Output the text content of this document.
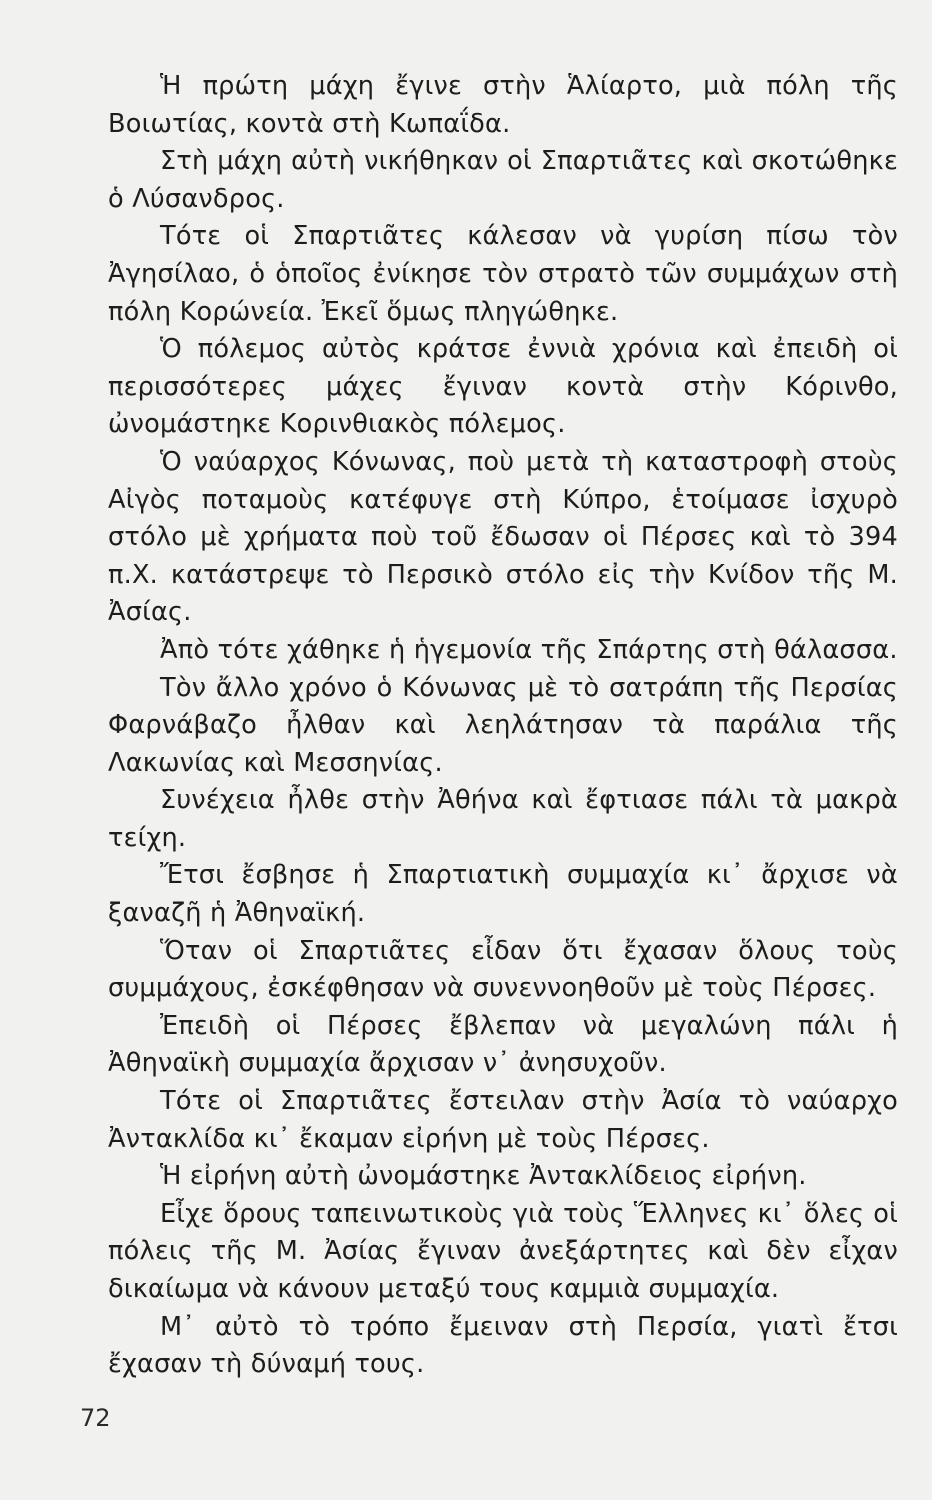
Ἡ πρώτη μάχη ἔγινε στὴν Ἁλίαρτο, μιὰ πόλη τῆς Βοιωτίας, κοντὰ στὴ Κωπαΐδα.

Στὴ μάχη αὐτὴ νικήθηκαν οἱ Σπαρτιᾶτες καὶ σκοτώθηκε ὁ Λύσανδρος.

Τότε οἱ Σπαρτιᾶτες κάλεσαν νὰ γυρίση πίσω τὸν Ἀγησίλαο, ὁ ὁποῖος ἐνίκησε τὸν στρατὸ τῶν συμμάχων στὴ πόλη Κορώνεία. Ἐκεῖ ὅμως πληγώθηκε.

Ὁ πόλεμος αὐτὸς κράτσε ἐννιὰ χρόνια καὶ ἐπειδὴ οἱ περισσότερες μάχες ἔγιναν κοντὰ στὴν Κόρινθο, ὠνομάστηκε Κορινθιακὸς πόλεμος.

Ὁ ναύαρχος Κόνωνας, ποὺ μετὰ τὴ καταστροφὴ στοὺς Αἰγὸς ποταμοὺς κατέφυγε στὴ Κύπρο, ἑτοίμασε ἰσχυρὸ στόλο μὲ χρήματα ποὺ τοῦ ἔδωσαν οἱ Πέρσες καὶ τὸ 394 π.Χ. κατάστρεψε τὸ Περσικὸ στόλο εἰς τὴν Κνίδον τῆς Μ. Ἀσίας.

Ἀπὸ τότε χάθηκε ἡ ἡγεμονία τῆς Σπάρτης στὴ θάλασσα.

Τὸν ἄλλο χρόνο ὁ Κόνωνας μὲ τὸ σατράπη τῆς Περσίας Φαρνάβαζο ἦλθαν καὶ λεηλάτησαν τὰ παράλια τῆς Λακωνίας καὶ Μεσσηνίας.

Συνέχεια ἦλθε στὴν Ἀθήνα καὶ ἔφτιασε πάλι τὰ μακρὰ τείχη.

Ἔτσι ἔσβησε ἡ Σπαρτιατικὴ συμμαχία κι᾿ ἄρχισε νὰ ξαναζῆ ἡ Ἀθηναϊκή.

Ὅταν οἱ Σπαρτιᾶτες εἶδαν ὅτι ἔχασαν ὅλους τοὺς συμμάχους, ἐσκέφθησαν νὰ συνεννοηθοῦν μὲ τοὺς Πέρσες.

Ἐπειδὴ οἱ Πέρσες ἔβλεπαν νὰ μεγαλώνη πάλι ἡ Ἀθηναϊκὴ συμμαχία ἄρχισαν ν᾿ ἀνησυχοῦν.

Τότε οἱ Σπαρτιᾶτες ἔστειλαν στὴν Ἀσία τὸ ναύαρχο Ἀντακλίδα κι᾿ ἔκαμαν εἰρήνη μὲ τοὺς Πέρσες.

Ἡ εἰρήνη αὐτὴ ὠνομάστηκε Ἀντακλίδειος εἰρήνη.

Εἶχε ὅρους ταπεινωτικοὺς γιὰ τοὺς Ἕλληνες κι᾿ ὅλες οἱ πόλεις τῆς Μ. Ἀσίας ἔγιναν ἀνεξάρτητες καὶ δὲν εἶχαν δικαίωμα νὰ κάνουν μεταξύ τους καμμιὰ συμμαχία.

Μ᾿ αὐτὸ τὸ τρόπο ἔμειναν στὴ Περσία, γιατὶ ἔτσι ἔχασαν τὴ δύναμή τους.

72
